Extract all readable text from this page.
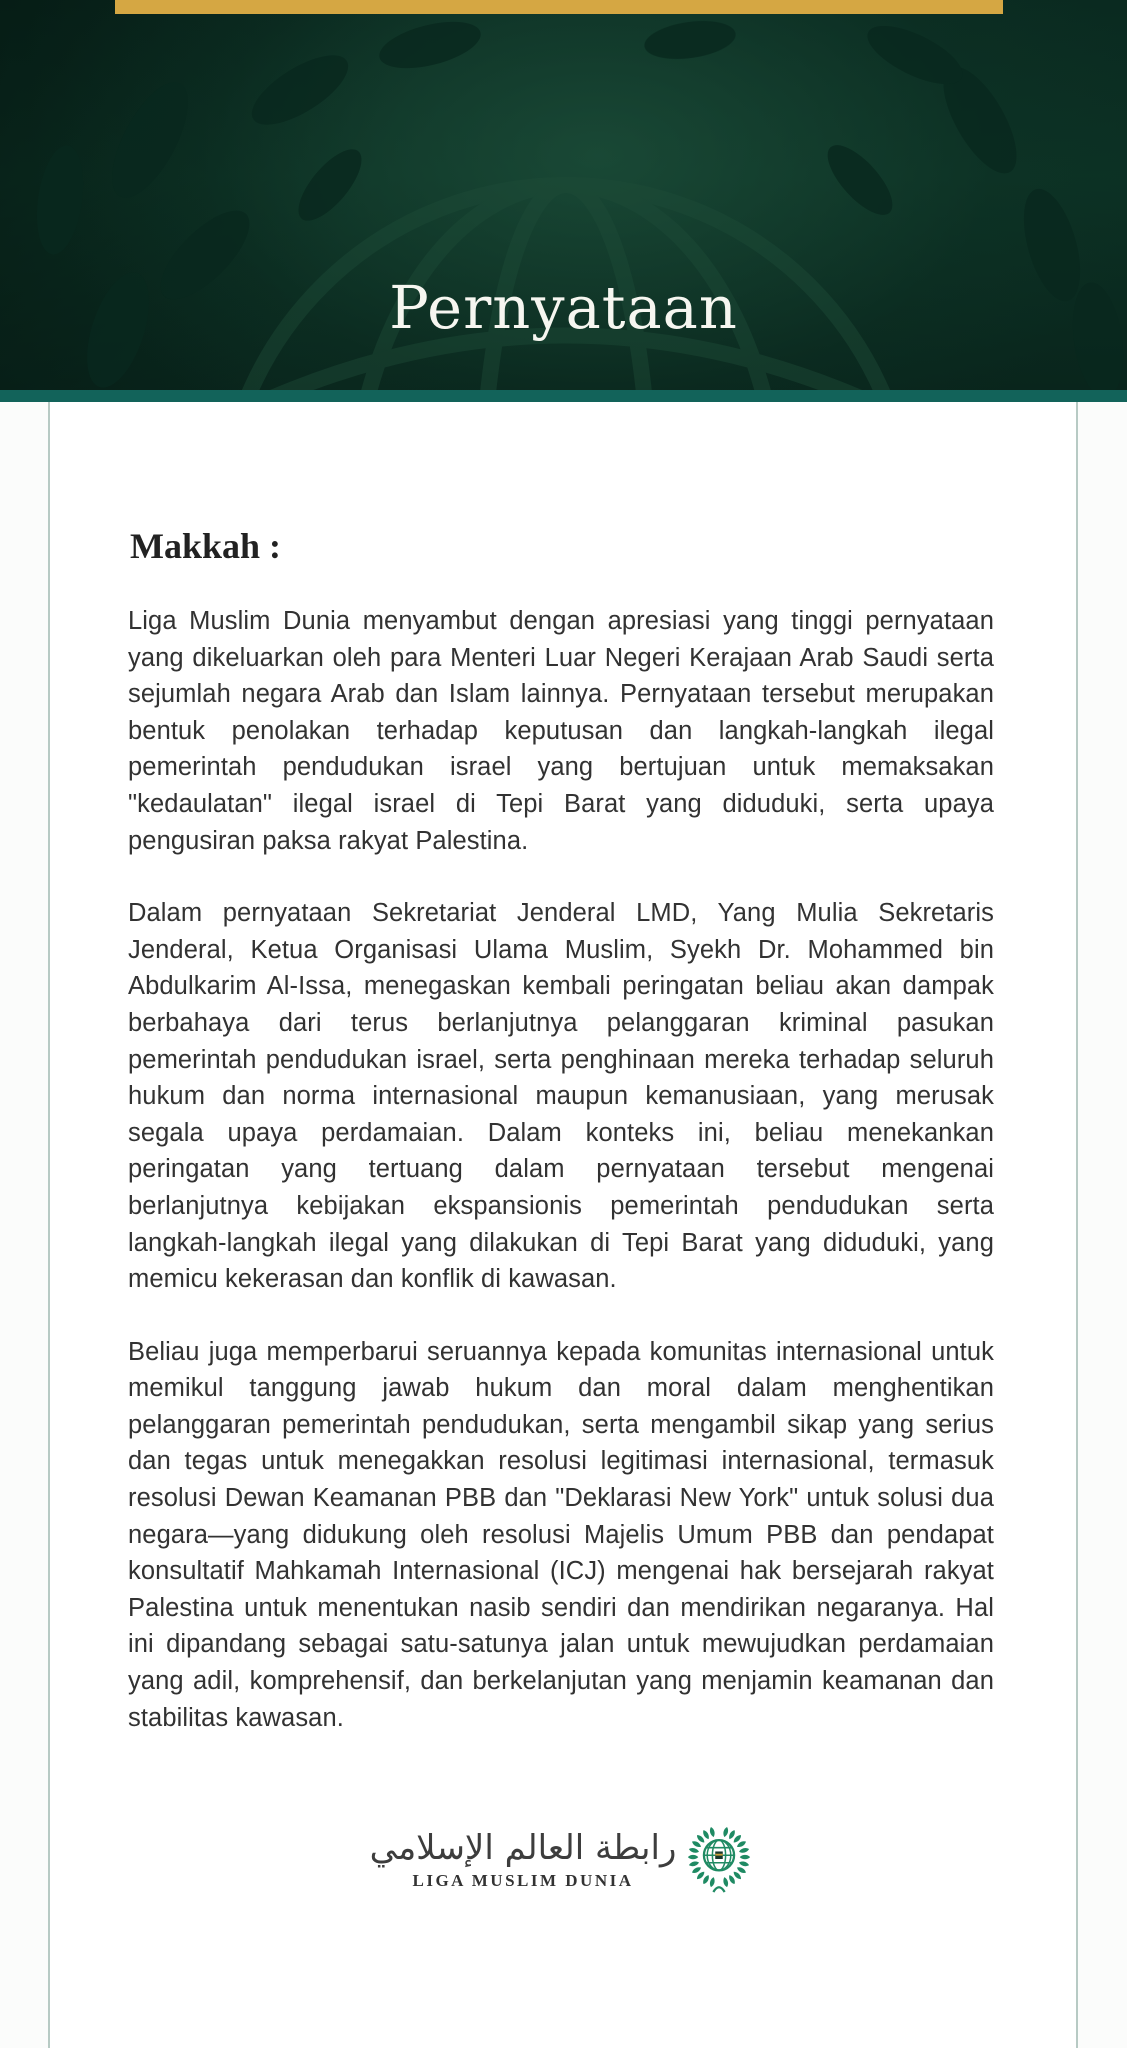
Pernyataan
Makkah :

Liga Muslim Dunia menyambut dengan apresiasi yang tinggi pernyataan yang dikeluarkan oleh para Menteri Luar Negeri Kerajaan Arab Saudi serta sejumlah negara Arab dan Islam lainnya. Pernyataan tersebut merupakan bentuk penolakan terhadap keputusan dan langkah-langkah ilegal pemerintah pendudukan israel yang bertujuan untuk memaksakan "kedaulatan" ilegal israel di Tepi Barat yang diduduki, serta upaya pengusiran paksa rakyat Palestina.

Dalam pernyataan Sekretariat Jenderal LMD, Yang Mulia Sekretaris Jenderal, Ketua Organisasi Ulama Muslim, Syekh Dr. Mohammed bin Abdulkarim Al-Issa, menegaskan kembali peringatan beliau akan dampak berbahaya dari terus berlanjutnya pelanggaran kriminal pasukan pemerintah pendudukan israel, serta penghinaan mereka terhadap seluruh hukum dan norma internasional maupun kemanusiaan, yang merusak segala upaya perdamaian. Dalam konteks ini, beliau menekankan peringatan yang tertuang dalam pernyataan tersebut mengenai berlanjutnya kebijakan ekspansionis pemerintah pendudukan serta langkah-langkah ilegal yang dilakukan di Tepi Barat yang diduduki, yang memicu kekerasan dan konflik di kawasan.

Beliau juga memperbarui seruannya kepada komunitas internasional untuk memikul tanggung jawab hukum dan moral dalam menghentikan pelanggaran pemerintah pendudukan, serta mengambil sikap yang serius dan tegas untuk menegakkan resolusi legitimasi internasional, termasuk resolusi Dewan Keamanan PBB dan "Deklarasi New York" untuk solusi dua negara—yang didukung oleh resolusi Majelis Umum PBB dan pendapat konsultatif Mahkamah Internasional (ICJ) mengenai hak bersejarah rakyat Palestina untuk menentukan nasib sendiri dan mendirikan negaranya. Hal ini dipandang sebagai satu-satunya jalan untuk mewujudkan perdamaian yang adil, komprehensif, dan berkelanjutan yang menjamin keamanan dan stabilitas kawasan.

رابطة العالم الإسلامي
LIGA MUSLIM DUNIA
